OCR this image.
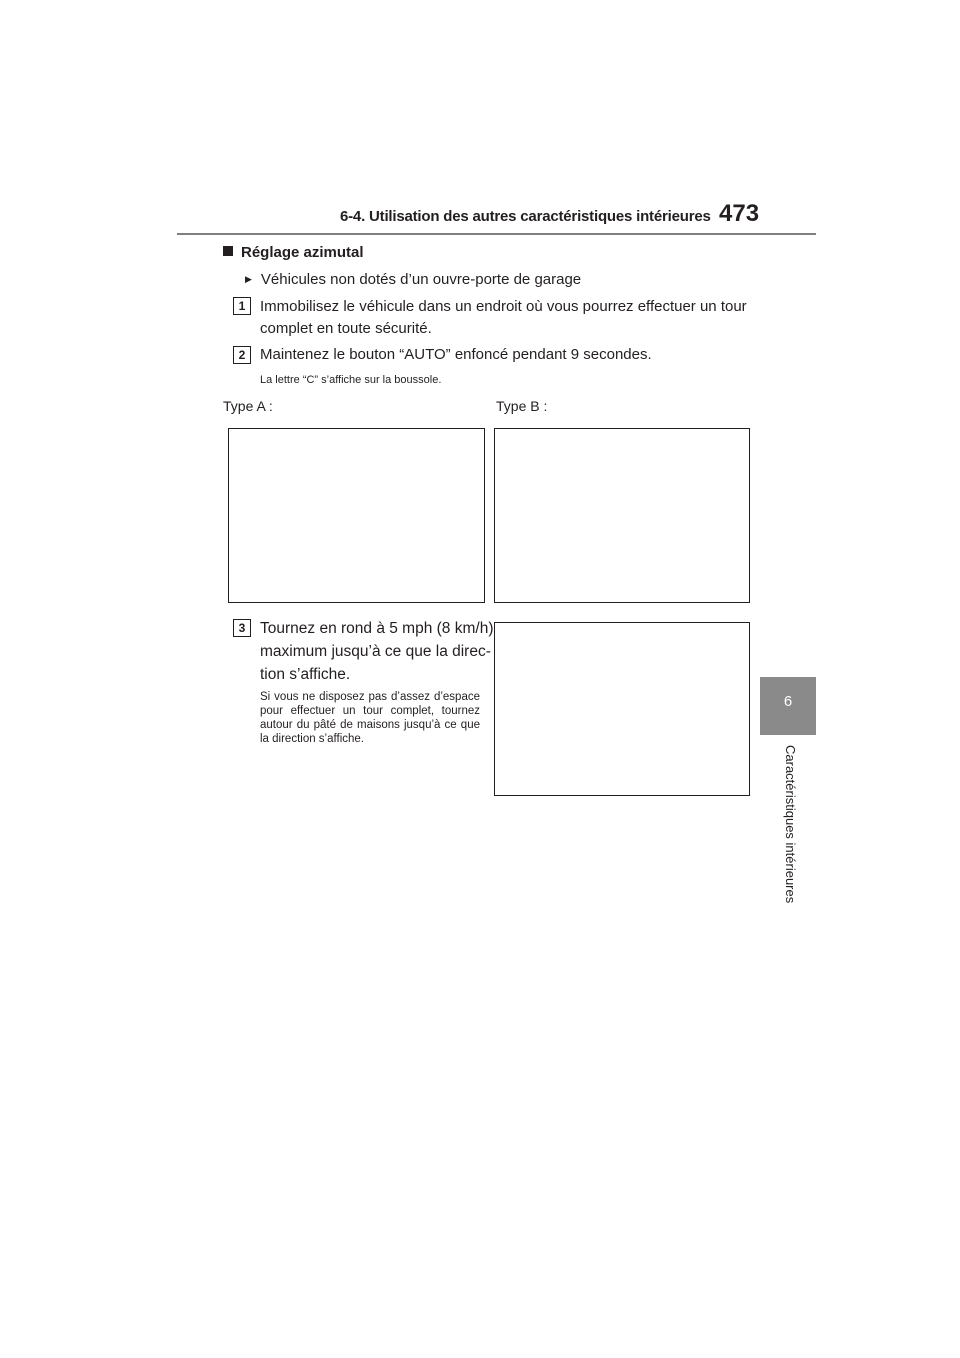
6-4. Utilisation des autres caractéristiques intérieures 473
6
Caractéristiques intérieures
Réglage azimutal
▶ Véhicules non dotés d’un ouvre-porte de garage
1 Immobilisez le véhicule dans un endroit où vous pourrez effectuer un tour
complet en toute sécurité.
2 Maintenez le bouton “AUTO” enfoncé pendant 9 secondes.
La lettre “C” s’affiche sur la boussole.
Type A :	Type B :
3 Tournez en rond à 5 mph (8 km/h)
maximum jusqu’à ce que la direc-
tion s’affiche.
Si vous ne disposez pas d’assez d’espace pour effectuer un tour complet, tournez autour du pâté de maisons jusqu’à ce que la direction s’affiche.
